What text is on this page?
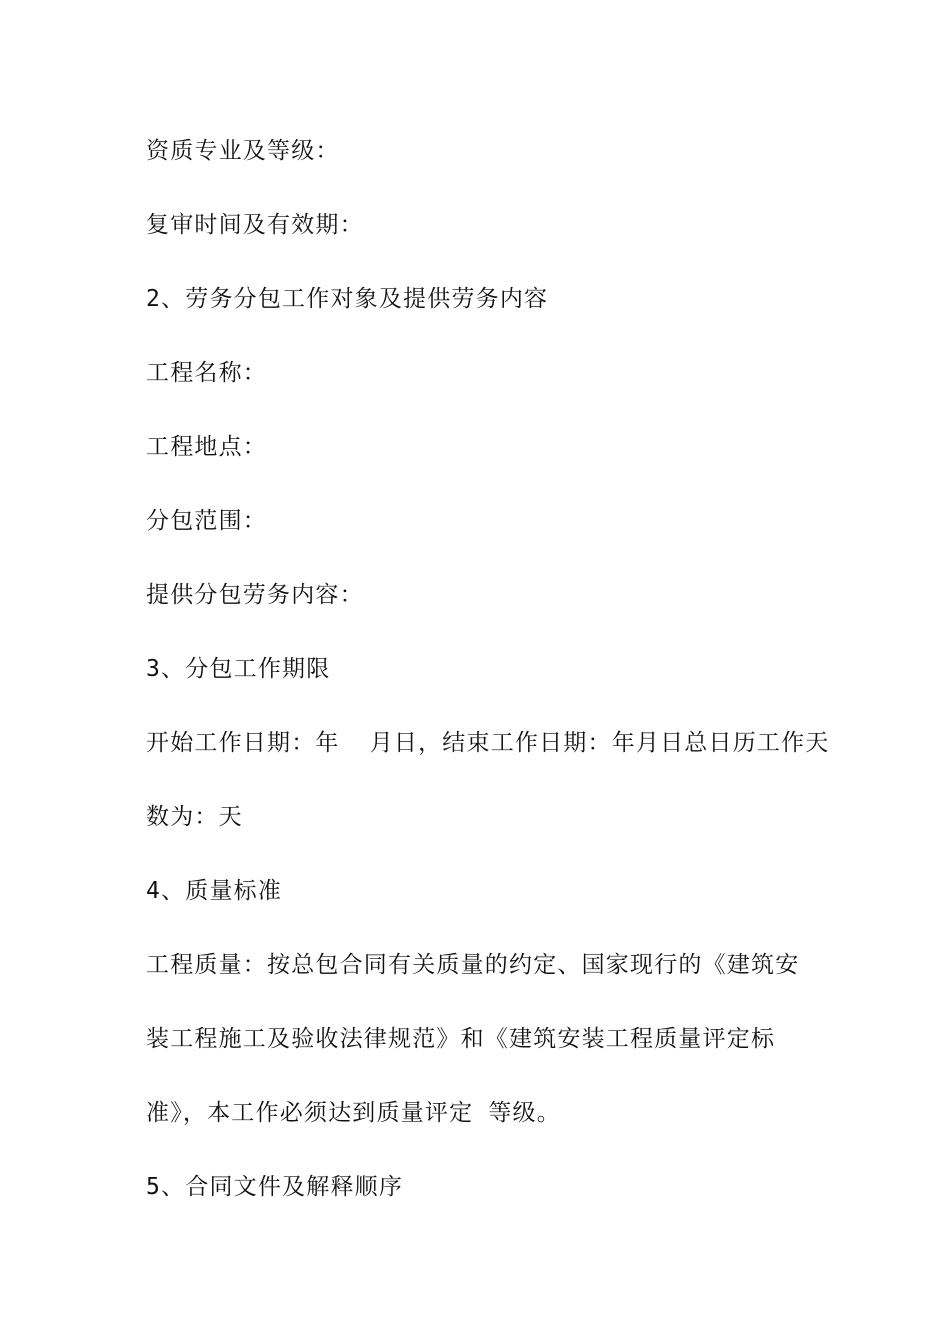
资质专业及等级：
复审时间及有效期：
2、劳务分包工作对象及提供劳务内容
工程名称：
工程地点：
分包范围：
提供分包劳务内容：
3、分包工作期限
开始工作日期：年  月日，结束工作日期：年月日总日历工作天
数为：天
4、质量标准
工程质量：按总包合同有关质量的约定、国家现行的《建筑安
装工程施工及验收法律规范》和《建筑安装工程质量评定标
准》，本工作必须达到质量评定 等级。
5、合同文件及解释顺序
